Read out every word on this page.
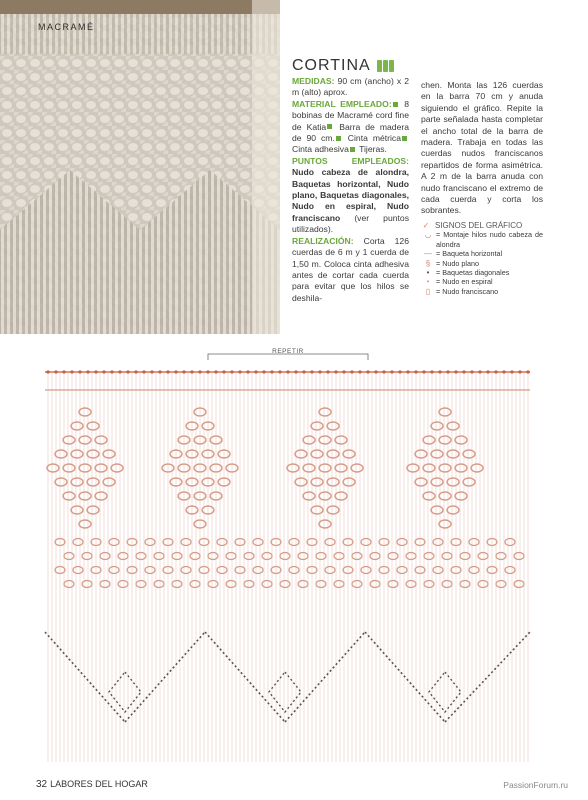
MACRAMÉ
CORTINA
MEDIDAS: 90 cm (ancho) x 2 m (alto) aprox.
MATERIAL EMPLEADO: 8 bobinas de Macramé cord fine de Katia Barra de madera de 90 cm. Cinta métrica Cinta adhesiva Tijeras.
PUNTOS EMPLEADOS: Nudo cabeza de alondra, Baquetas horizontal, Nudo plano, Baquetas diagonales, Nudo en espiral, Nudo franciscano (ver puntos utilizados).
REALIZACIÓN: Corta 126 cuerdas de 6 m y 1 cuerda de 1,50 m. Coloca cinta adhesiva antes de cortar cada cuerda para evitar que los hilos se deshila-
chen. Monta las 126 cuerdas en la barra 70 cm y anuda siguiendo el gráfico. Repite la parte señalada hasta completar el ancho total de la barra de madera. Trabaja en todas las cuerdas nudos franciscanos repartidos de forma asimétrica. A 2 m de la barra anuda con nudo franciscano el extremo de cada cuerda y corta los sobrantes.
✓ SIGNOS DEL GRÁFICO
◡ = Montaje hilos nudo cabeza de alondra
— = Baqueta horizontal
§ = Nudo plano
• = Baquetas diagonales
• = Nudo en espiral
▯ = Nudo franciscano
REPETIR
32 LABORES DEL HOGAR	PassionForum.ru
